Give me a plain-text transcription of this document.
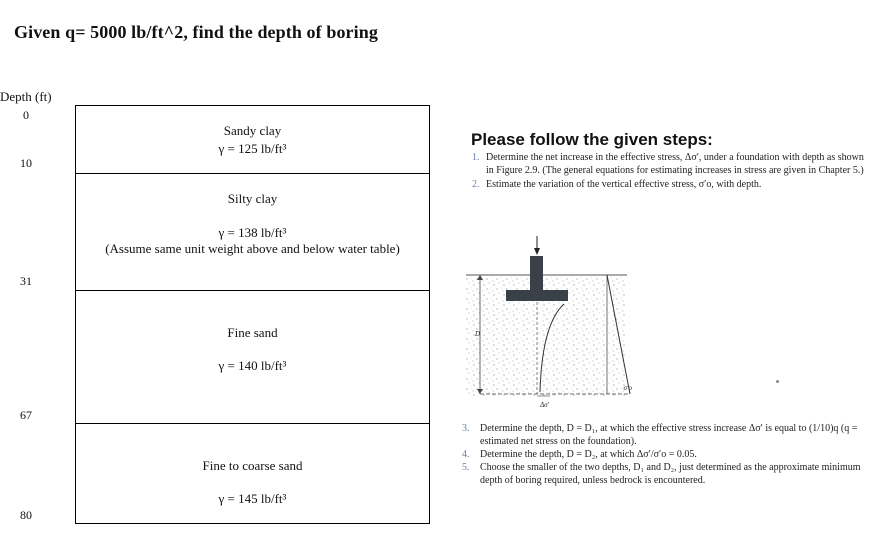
Given q= 5000 lb/ft^2, find the depth of boring
Depth (ft)
0
10
31
67
80
Sandy clay
γ = 125 lb/ft³
Silty clay
γ = 138 lb/ft³
(Assume same unit weight above and below water table)
Fine sand
γ = 140 lb/ft³
Fine to coarse sand
γ = 145 lb/ft³
Please follow the given steps:
1. Determine the net increase in the effective stress, Δσ′, under a foundation with depth as shown in Figure 2.9. (The general equations for estimating increases in stress are given in Chapter 5.)
2. Estimate the variation of the vertical effective stress, σ′o, with depth.
D
Δσ′
σ′o
3. Determine the depth, D = D₁, at which the effective stress increase Δσ′ is equal to (1/10)q (q = estimated net stress on the foundation).
4. Determine the depth, D = D₂, at which Δσ′/σ′o = 0.05.
5. Choose the smaller of the two depths, D₁ and D₂, just determined as the approximate minimum depth of boring required, unless bedrock is encountered.
